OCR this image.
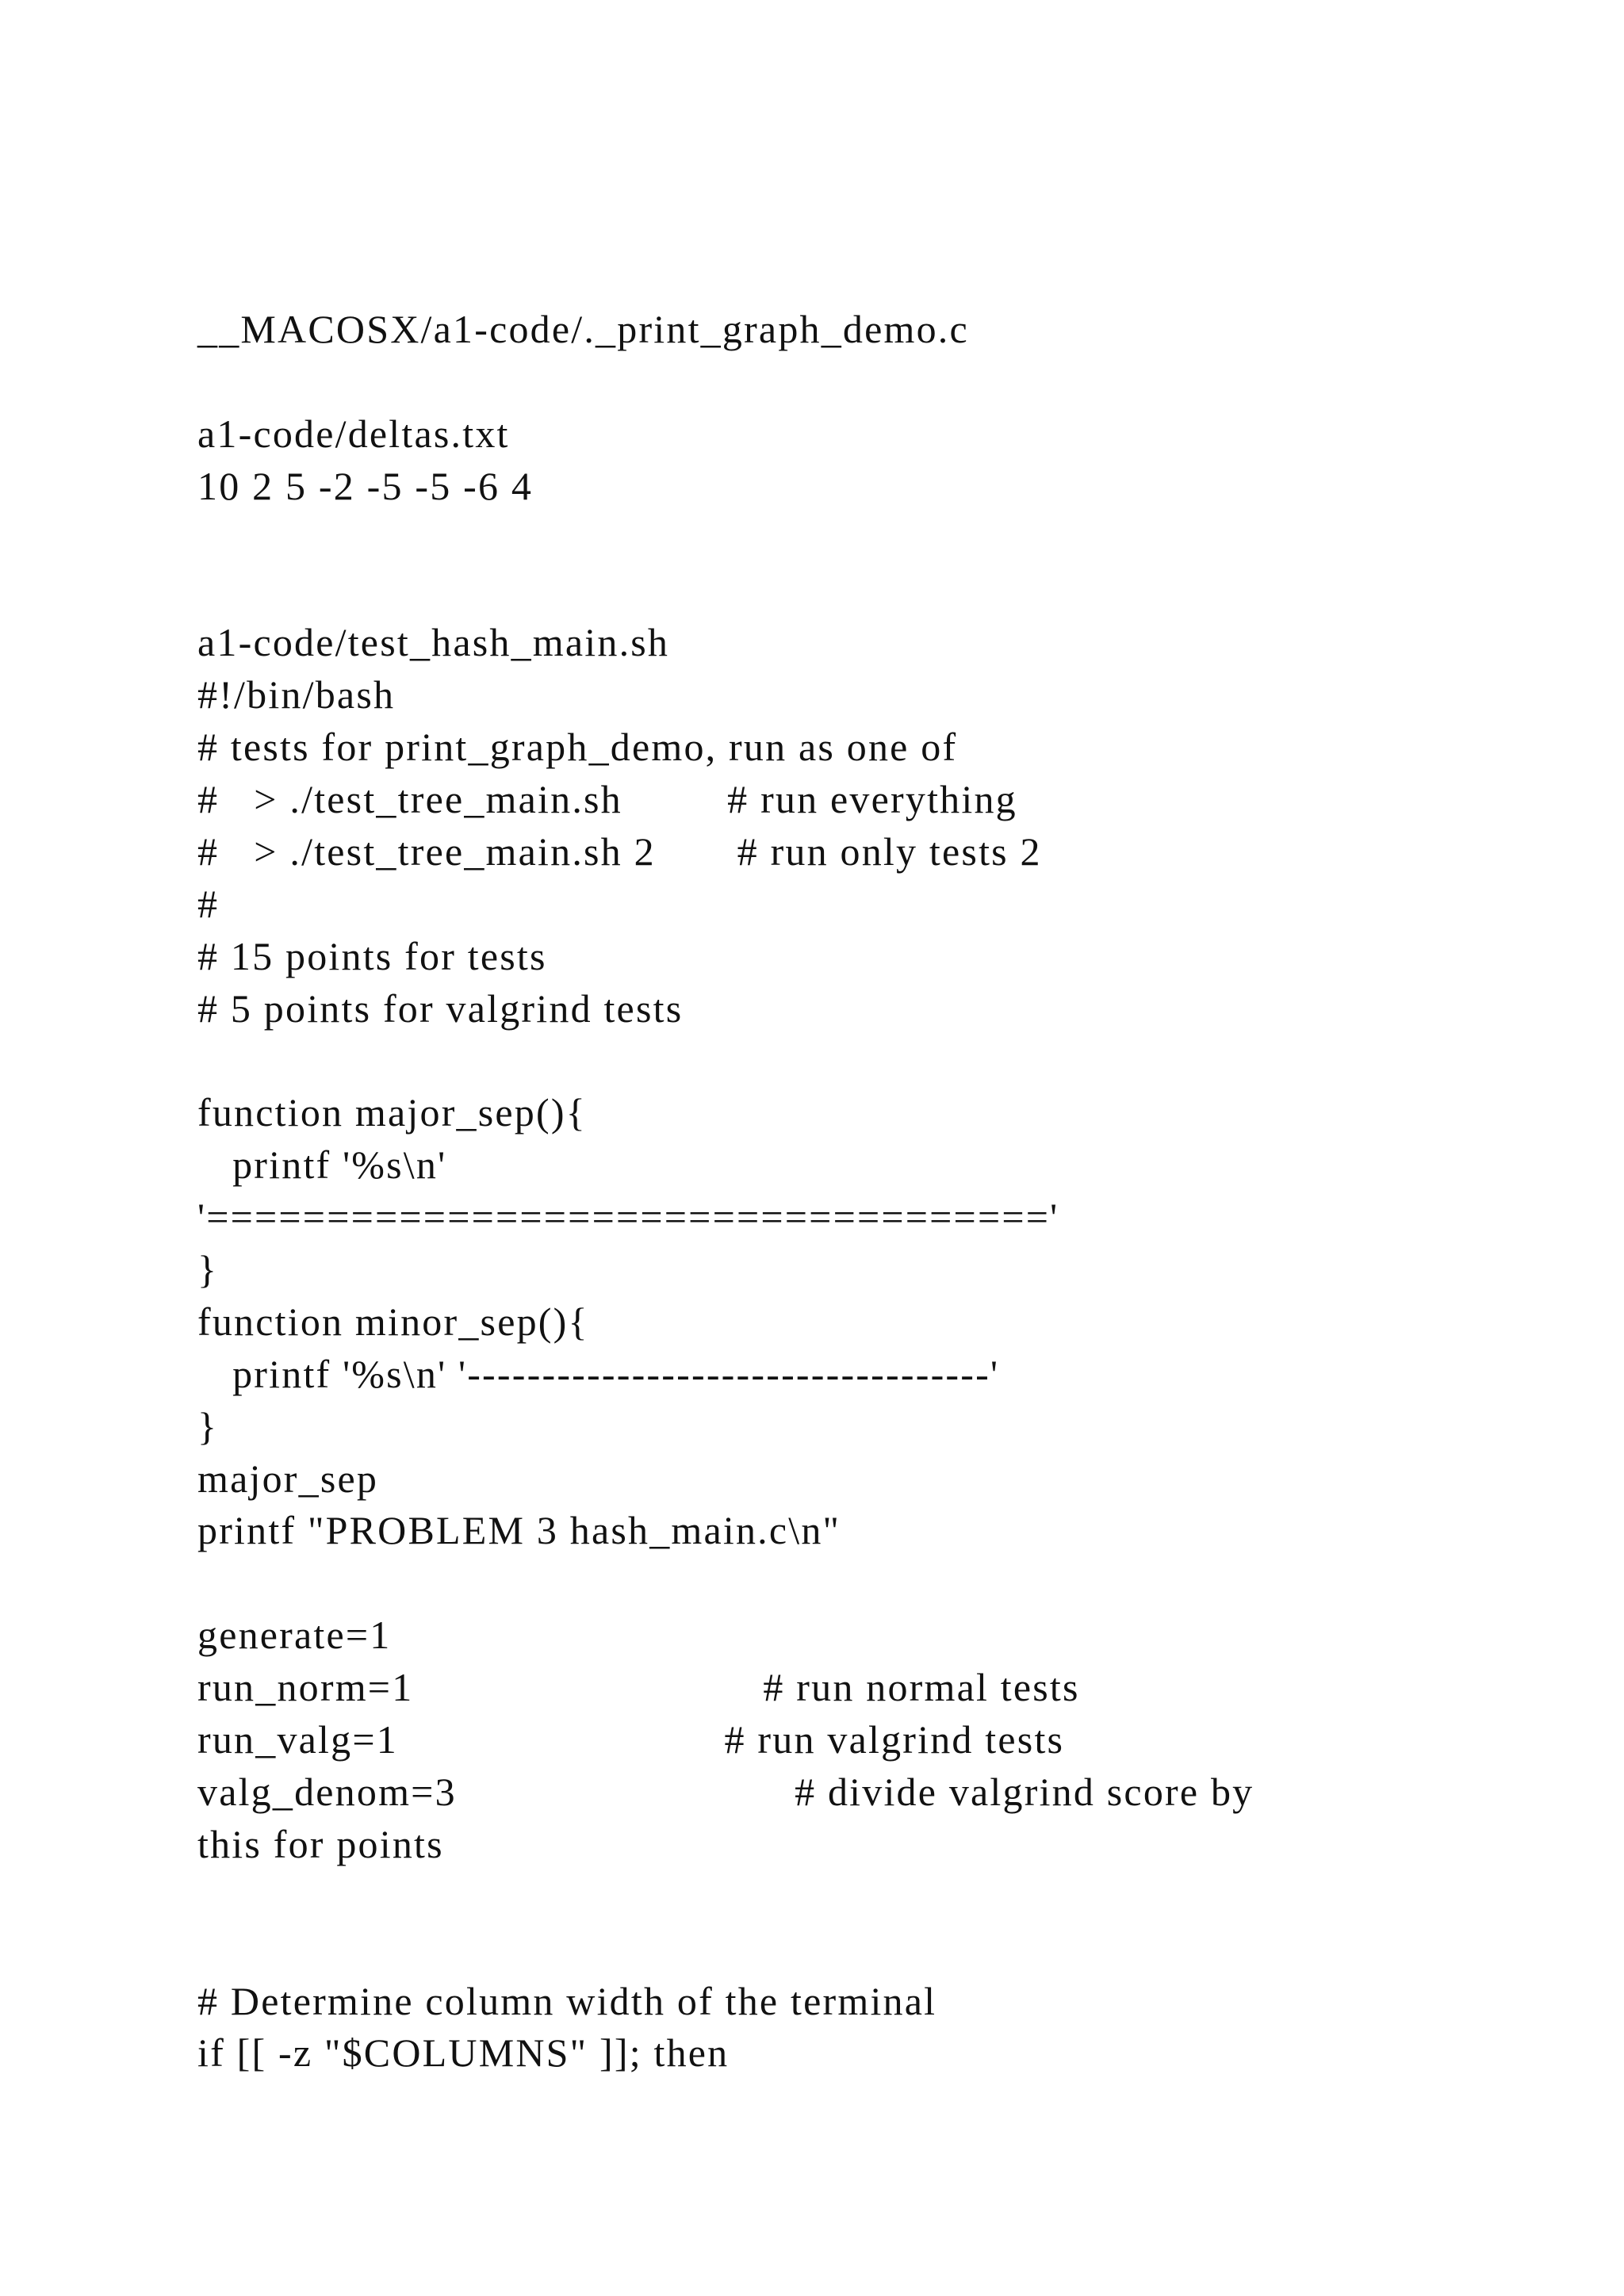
__MACOSX/a1-code/._print_graph_demo.c
a1-code/deltas.txt
10 2 5 -2 -5 -5 -6 4
a1-code/test_hash_main.sh
#!/bin/bash
# tests for print_graph_demo, run as one of
#   > ./test_tree_main.sh         # run everything
#   > ./test_tree_main.sh 2       # run only tests 2
#
# 15 points for tests
# 5 points for valgrind tests
function major_sep(){
printf '%s\n'
'==================================='
}
function minor_sep(){
printf '%s\n' '-----------------------------------'
}
major_sep
printf "PROBLEM 3 hash_main.c\n"
generate=1
run_norm=1                              # run normal tests
run_valg=1                            # run valgrind tests
valg_denom=3                             # divide valgrind score by
this for points
# Determine column width of the terminal
if [[ -z "$COLUMNS" ]]; then
